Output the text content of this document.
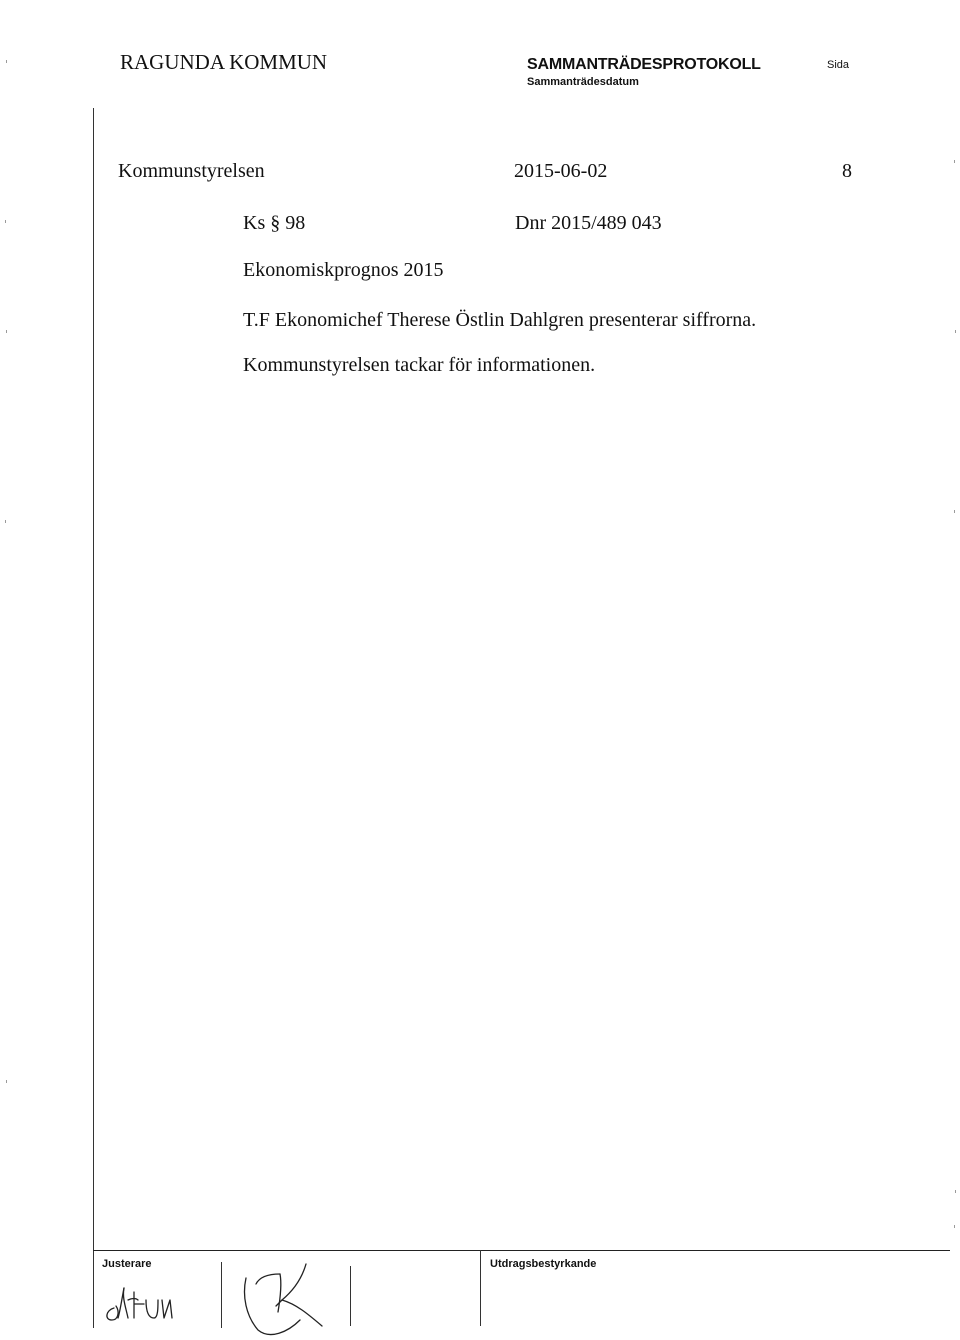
RAGUNDA KOMMUN	SAMMANTRÄDESPROTOKOLL
Sammanträdesdatum
Sida
Kommunstyrelsen	2015-06-02	8
Ks § 98	Dnr 2015/489 043
Ekonomiskprognos 2015
T.F Ekonomichef Therese Östlin Dahlgren presenterar siffrorna.
Kommunstyrelsen tackar för informationen.
Justerare	Utdragsbestyrkande
